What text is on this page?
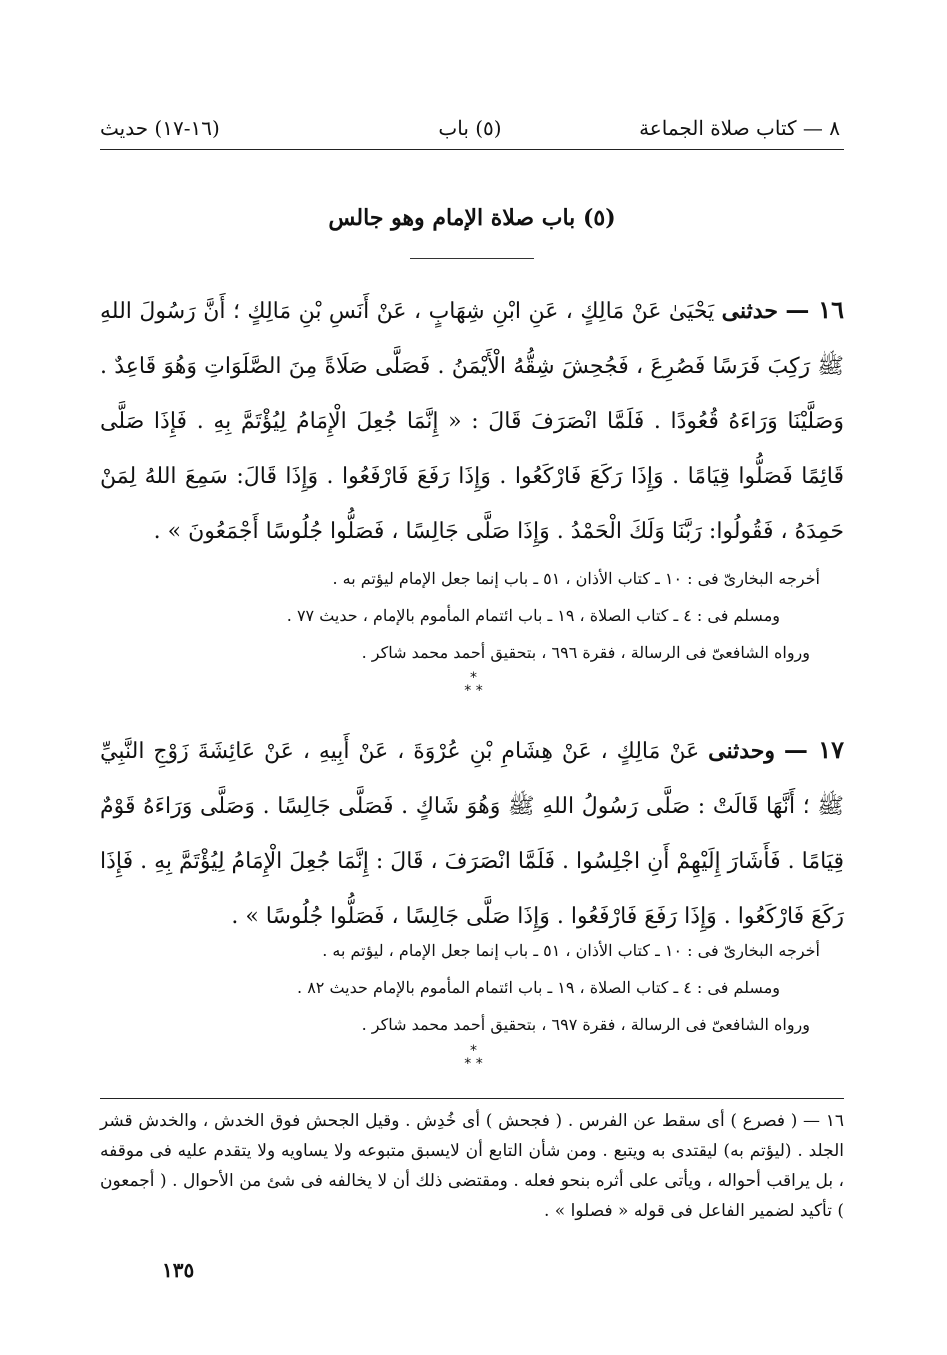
٨ — كتاب صلاة الجماعة
(٥) باب
(١٦-١٧) حديث
(٥) باب صلاة الإمام وهو جالس
١٦ — حدثنى يَحْيَىٰ عَنْ مَالِكٍ ، عَنِ ابْنِ شِهَابٍ ، عَنْ أَنَسِ بْنِ مَالِكٍ ؛ أَنَّ رَسُولَ اللهِ ﷺ رَكِبَ فَرَسًا فَصُرِعَ ، فَجُحِشَ شِقُّهُ الْأَيْمَنُ . فَصَلَّى صَلَاةً مِنَ الصَّلَوَاتِ وَهُوَ قَاعِدٌ . وَصَلَّيْنَا وَرَاءَهُ قُعُودًا . فَلَمَّا انْصَرَفَ قَالَ : « إِنَّمَا جُعِلَ الْإِمَامُ لِيُؤْتَمَّ بِهِ . فَإِذَا صَلَّى قَائِمًا فَصَلُّوا قِيَامًا . وَإِذَا رَكَعَ فَارْكَعُوا . وَإِذَا رَفَعَ فَارْفَعُوا . وَإِذَا قَالَ: سَمِعَ اللهُ لِمَنْ حَمِدَهُ ، فَقُولُوا: رَبَّنَا وَلَكَ الْحَمْدُ . وَإِذَا صَلَّى جَالِسًا ، فَصَلُّوا جُلُوسًا أَجْمَعُونَ » .
أخرجه البخارىّ فى : ١٠ ـ كتاب الأذان ، ٥١ ـ باب إنما جعل الإمام ليؤتم به .
ومسلم فى : ٤ ـ كتاب الصلاة ، ١٩ ـ باب ائتمام المأموم بالإمام ، حديث ٧٧ .
ورواه الشافعىّ فى الرسالة ، فقرة ٦٩٦ ، بتحقيق أحمد محمد شاكر .
*
* *
١٧ — وحدثنى عَنْ مَالِكٍ ، عَنْ هِشَامِ بْنِ عُرْوَةَ ، عَنْ أَبِيهِ ، عَنْ عَائِشَةَ زَوْجِ النَّبِيِّ ﷺ ؛ أَنَّهَا قَالَتْ : صَلَّى رَسُولُ اللهِ ﷺ وَهُوَ شَاكٍ . فَصَلَّى جَالِسًا . وَصَلَّى وَرَاءَهُ قَوْمٌ قِيَامًا . فَأَشَارَ إِلَيْهِمْ أَنِ اجْلِسُوا . فَلَمَّا انْصَرَفَ ، قَالَ : إِنَّمَا جُعِلَ الْإِمَامُ لِيُؤْتَمَّ بِهِ . فَإِذَا رَكَعَ فَارْكَعُوا . وَإِذَا رَفَعَ فَارْفَعُوا . وَإِذَا صَلَّى جَالِسًا ، فَصَلُّوا جُلُوسًا » .
أخرجه البخارىّ فى : ١٠ ـ كتاب الأذان ، ٥١ ـ باب إنما جعل الإمام ، ليؤتم به .
ومسلم فى : ٤ ـ كتاب الصلاة ، ١٩ ـ باب ائتمام المأموم بالإمام حديث ٨٢ .
ورواه الشافعىّ فى الرسالة ، فقرة ٦٩٧ ، بتحقيق أحمد محمد شاكر .
*
* *
١٦ — ( فصرع ) أى سقط عن الفرس . ( فجحش ) أى خُدِش . وقيل الجحش فوق الخدش ، والخدش قشر الجلد . (ليؤتم به) ليقتدى به ويتبع . ومن شأن التابع أن لايسبق متبوعه ولا يساويه ولا يتقدم عليه فى موقفه ، بل يراقب أحواله ، ويأتى على أثره بنحو فعله . ومقتضى ذلك أن لا يخالفه فى شئ من الأحوال . ( أجمعون ) تأكيد لضمير الفاعل فى قوله « فصلوا » .
١٣٥
